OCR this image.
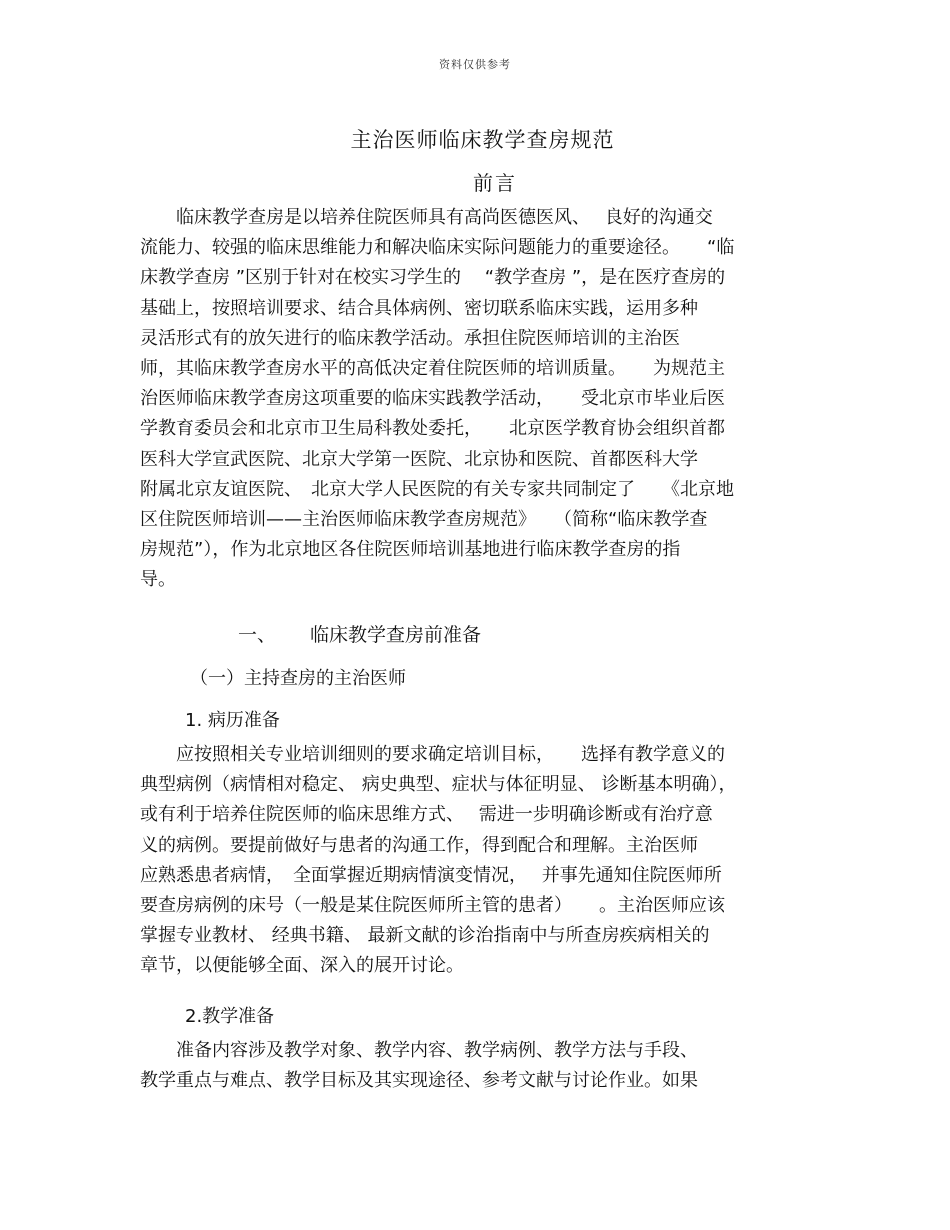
资料仅供参考
主治医师临床教学查房规范
前言
　　临床教学查房是以培养住院医师具有高尚医德医风、　 良好的沟通交
流能力、较强的临床思维能力和解决临床实际问题能力的重要途径。　　“临
床教学查房 ”区别于针对在校实习学生的　 “教学查房 ”，是在医疗查房的
基础上，按照培训要求、结合具体病例、密切联系临床实践，运用多种
灵活形式有的放矢进行的临床教学活动。承担住院医师培训的主治医
师，其临床教学查房水平的高低决定着住院医师的培训质量。　　为规范主
治医师临床教学查房这项重要的临床实践教学活动，　　受北京市毕业后医
学教育委员会和北京市卫生局科教处委托，　　北京医学教育协会组织首都
医科大学宣武医院、北京大学第一医院、北京协和医院、首都医科大学
附属北京友谊医院、　北京大学人民医院的有关专家共同制定了　　《北京地
区住院医师培训——主治医师临床教学查房规范》　　（简称“临床教学查
房规范”），作为北京地区各住院医师培训基地进行临床教学查房的指
导。
一、 临床教学查房前准备
（一）主持查房的主治医师
1. 病历准备
　　应按照相关专业培训细则的要求确定培训目标，　　选择有教学意义的
典型病例（病情相对稳定、 病史典型、症状与体征明显、 诊断基本明确），
或有利于培养住院医师的临床思维方式、　 需进一步明确诊断或有治疗意
义的病例。要提前做好与患者的沟通工作，得到配合和理解。主治医师
应熟悉患者病情，　全面掌握近期病情演变情况，　 并事先通知住院医师所
要查房病例的床号（一般是某住院医师所主管的患者）　　。主治医师应该
掌握专业教材、 经典书籍、 最新文献的诊治指南中与所查房疾病相关的
章节，以便能够全面、深入的展开讨论。
2.教学准备
　　准备内容涉及教学对象、教学内容、教学病例、教学方法与手段、
教学重点与难点、教学目标及其实现途径、参考文献与讨论作业。如果
